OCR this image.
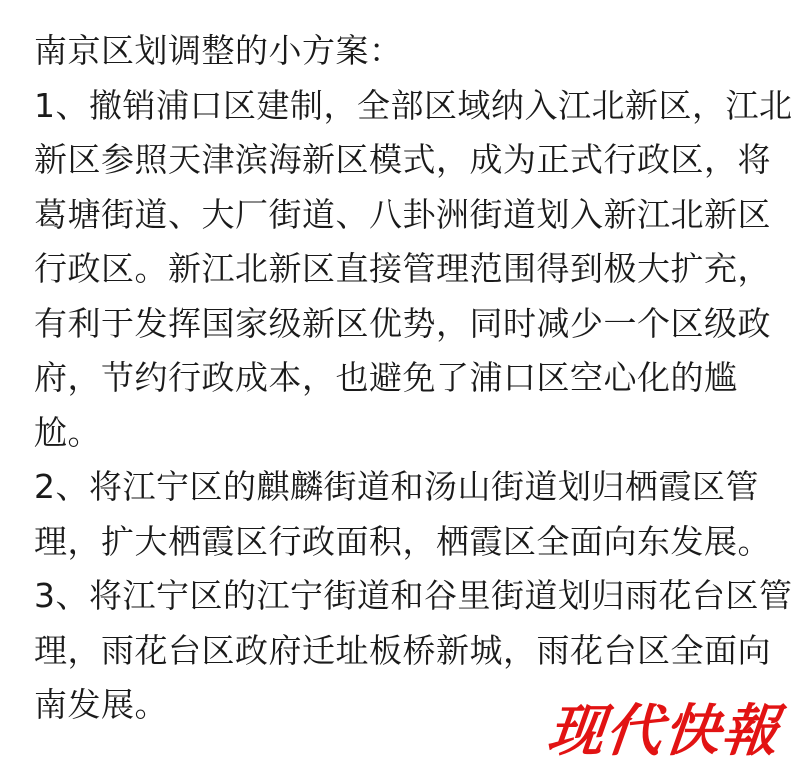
南京区划调整的小方案：
1、撤销浦口区建制，全部区域纳入江北新区，江北
新区参照天津滨海新区模式，成为正式行政区，将
葛塘街道、大厂街道、八卦洲街道划入新江北新区
行政区。新江北新区直接管理范围得到极大扩充，
有利于发挥国家级新区优势，同时减少一个区级政
府，节约行政成本，也避免了浦口区空心化的尴
尬。
2、将江宁区的麒麟街道和汤山街道划归栖霞区管
理，扩大栖霞区行政面积，栖霞区全面向东发展。
3、将江宁区的江宁街道和谷里街道划归雨花台区管
理，雨花台区政府迁址板桥新城，雨花台区全面向
南发展。	现代快報
